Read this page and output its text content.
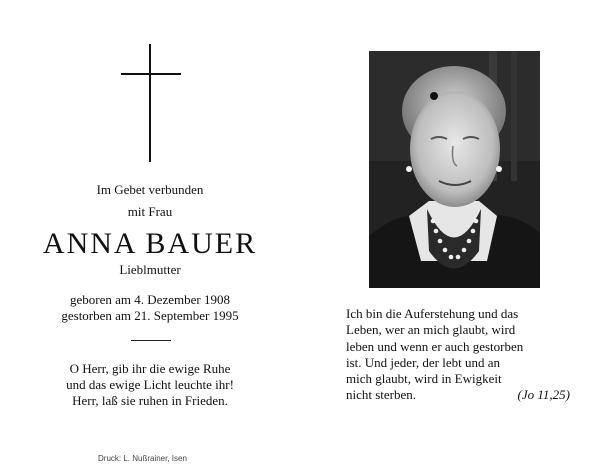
Im Gebet verbunden
mit Frau
ANNA BAUER
Lieblmutter
geboren am 4. Dezember 1908
gestorben am 21. September 1995
O Herr, gib ihr die ewige Ruhe
und das ewige Licht leuchte ihr!
Herr, laß sie ruhen in Frieden.
Ich bin die Auferstehung und das
Leben, wer an mich glaubt, wird
leben und wenn er auch gestorben
ist. Und jeder, der lebt und an
mich glaubt, wird in Ewigkeit
nicht sterben.	(Jo 11,25)
Druck: L. Nußrainer, Isen
